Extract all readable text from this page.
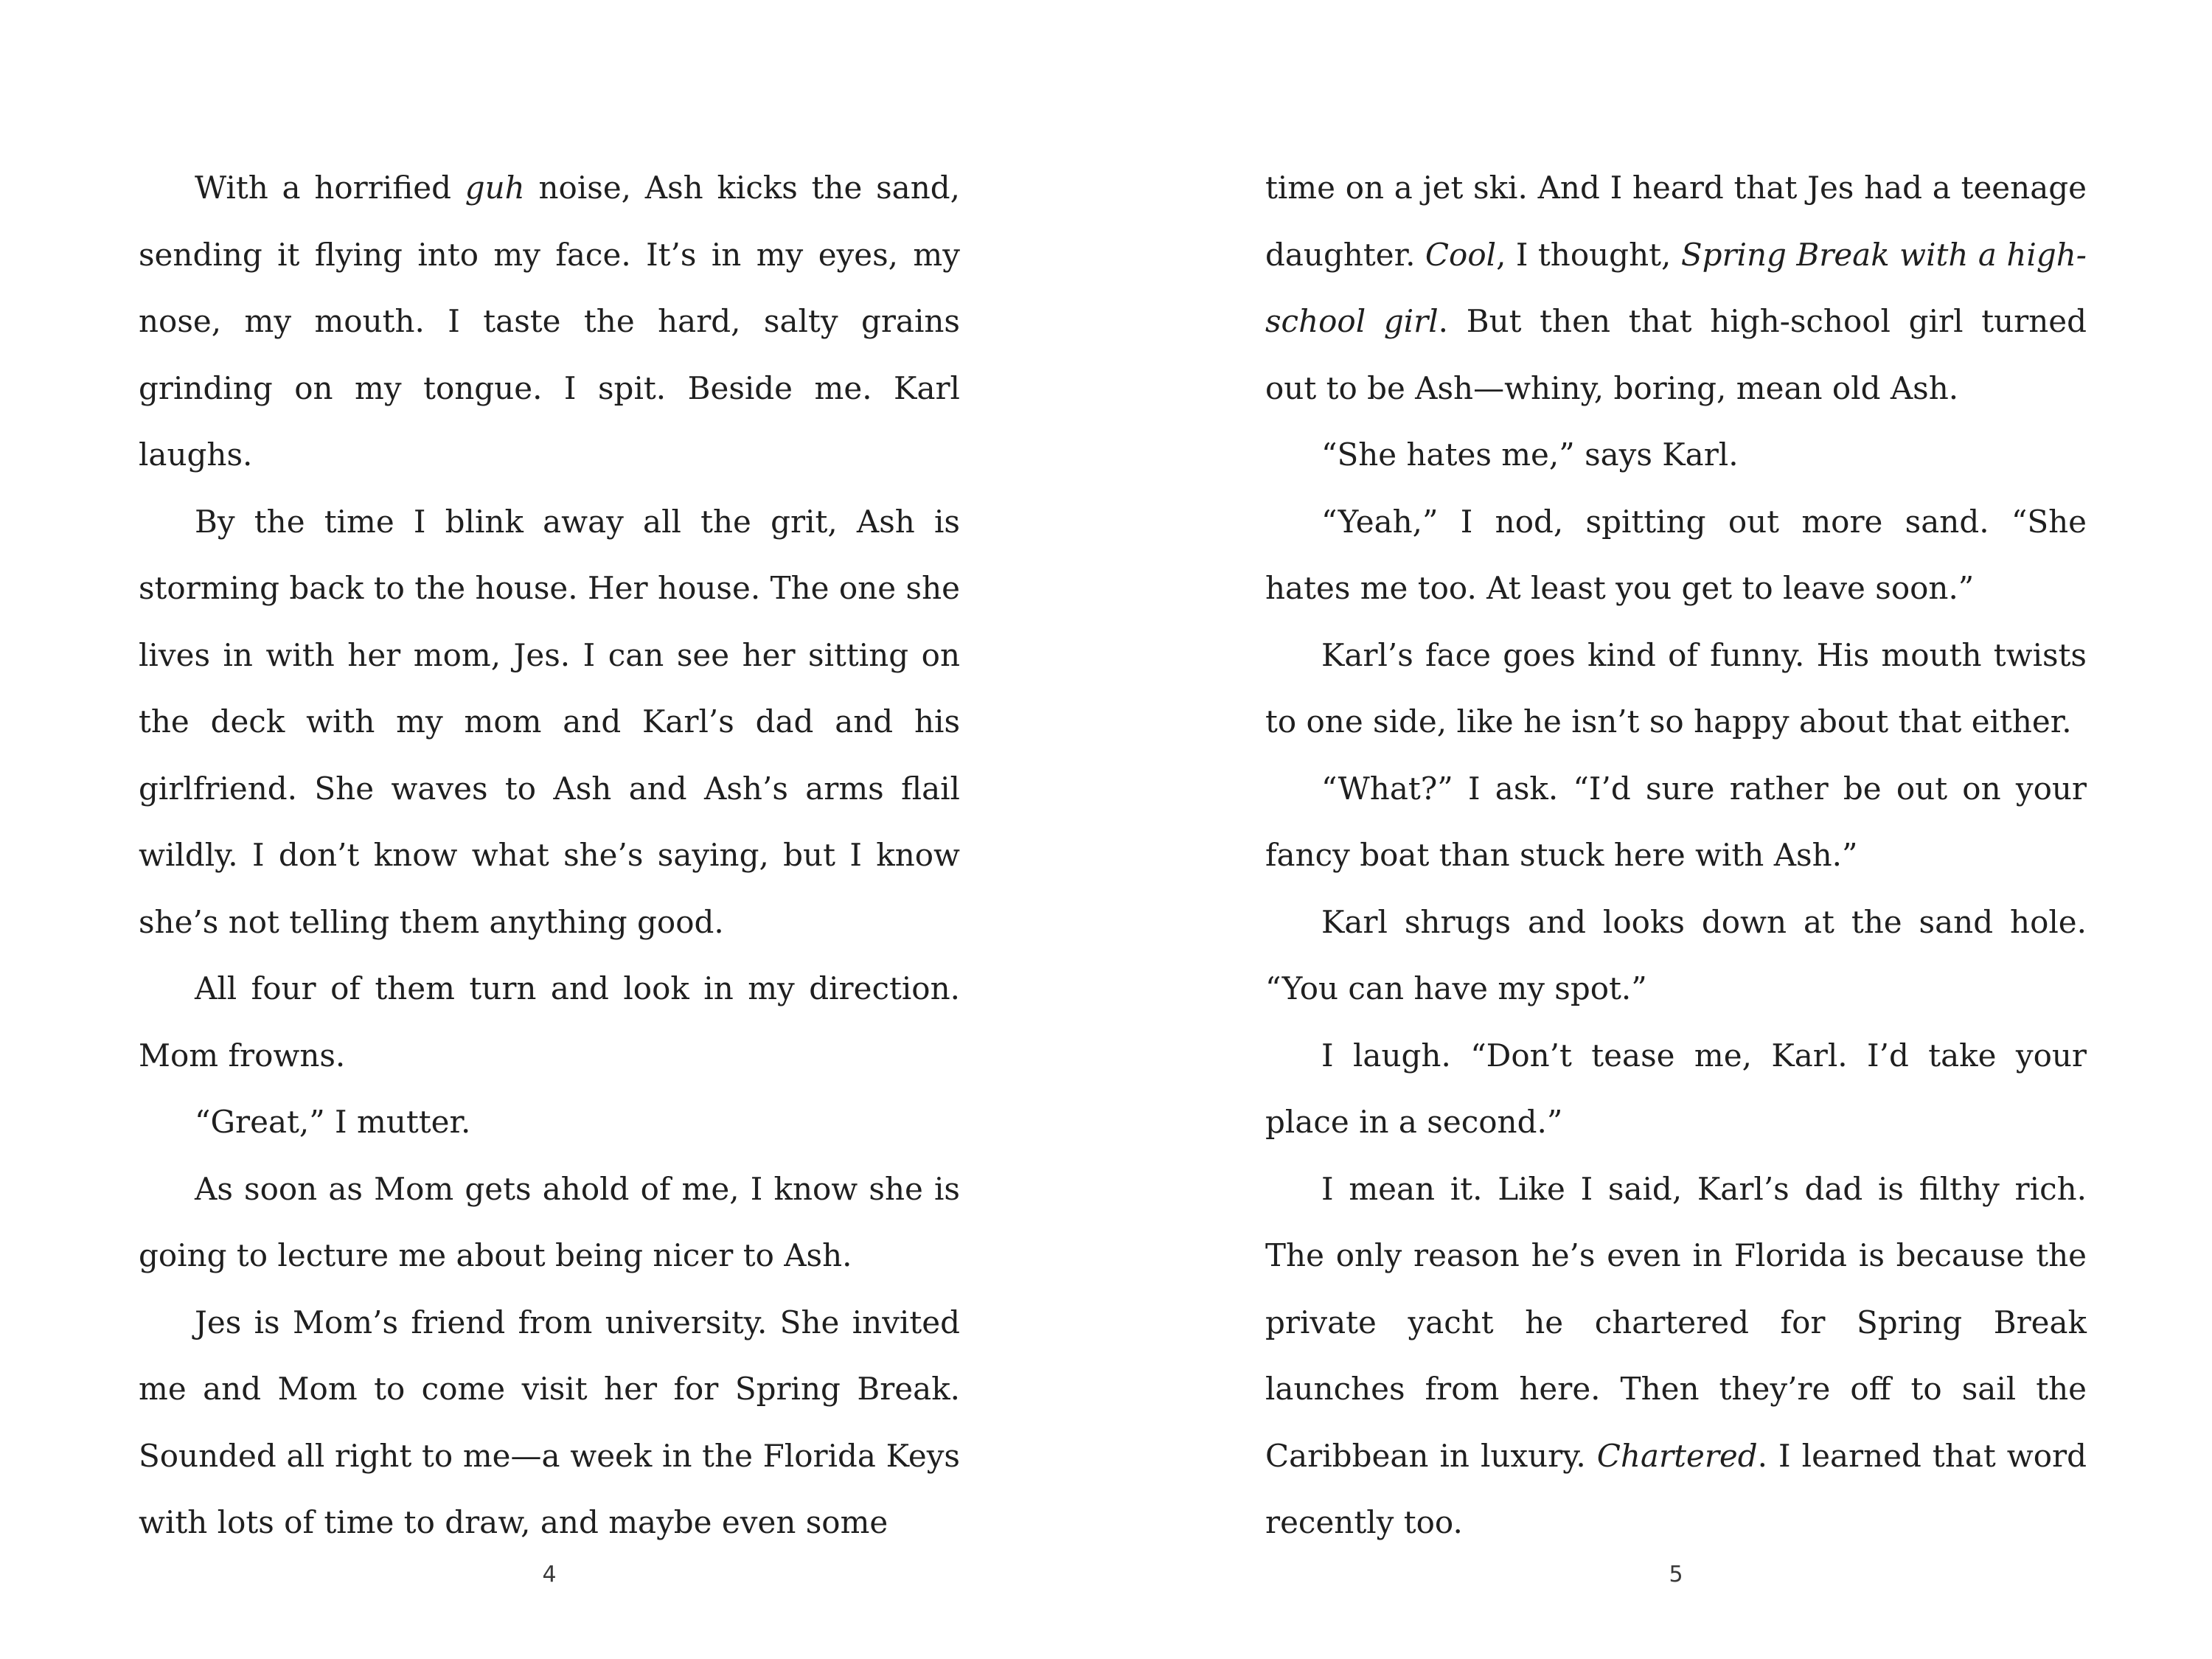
With a horrified guh noise, Ash kicks the sand, sending it flying into my face. It’s in my eyes, my nose, my mouth. I taste the hard, salty grains grinding on my tongue. I spit. Beside me. Karl laughs.

By the time I blink away all the grit, Ash is storming back to the house. Her house. The one she lives in with her mom, Jes. I can see her sitting on the deck with my mom and Karl’s dad and his girlfriend. She waves to Ash and Ash’s arms flail wildly. I don’t know what she’s saying, but I know she’s not telling them anything good.

All four of them turn and look in my direction. Mom frowns.

“Great,” I mutter.

As soon as Mom gets ahold of me, I know she is going to lecture me about being nicer to Ash.

Jes is Mom’s friend from university. She invited me and Mom to come visit her for Spring Break. Sounded all right to me—a week in the Florida Keys with lots of time to draw, and maybe even some

time on a jet ski. And I heard that Jes had a teenage daughter. Cool, I thought, Spring Break with a high-school girl. But then that high-school girl turned out to be Ash—whiny, boring, mean old Ash.

“She hates me,” says Karl.

“Yeah,” I nod, spitting out more sand. “She hates me too. At least you get to leave soon.”

Karl’s face goes kind of funny. His mouth twists to one side, like he isn’t so happy about that either.

“What?” I ask. “I’d sure rather be out on your fancy boat than stuck here with Ash.”

Karl shrugs and looks down at the sand hole. “You can have my spot.”

I laugh. “Don’t tease me, Karl. I’d take your place in a second.”

I mean it. Like I said, Karl’s dad is filthy rich. The only reason he’s even in Florida is because the private yacht he chartered for Spring Break launches from here. Then they’re off to sail the Caribbean in luxury. Chartered. I learned that word recently too.

4	5
